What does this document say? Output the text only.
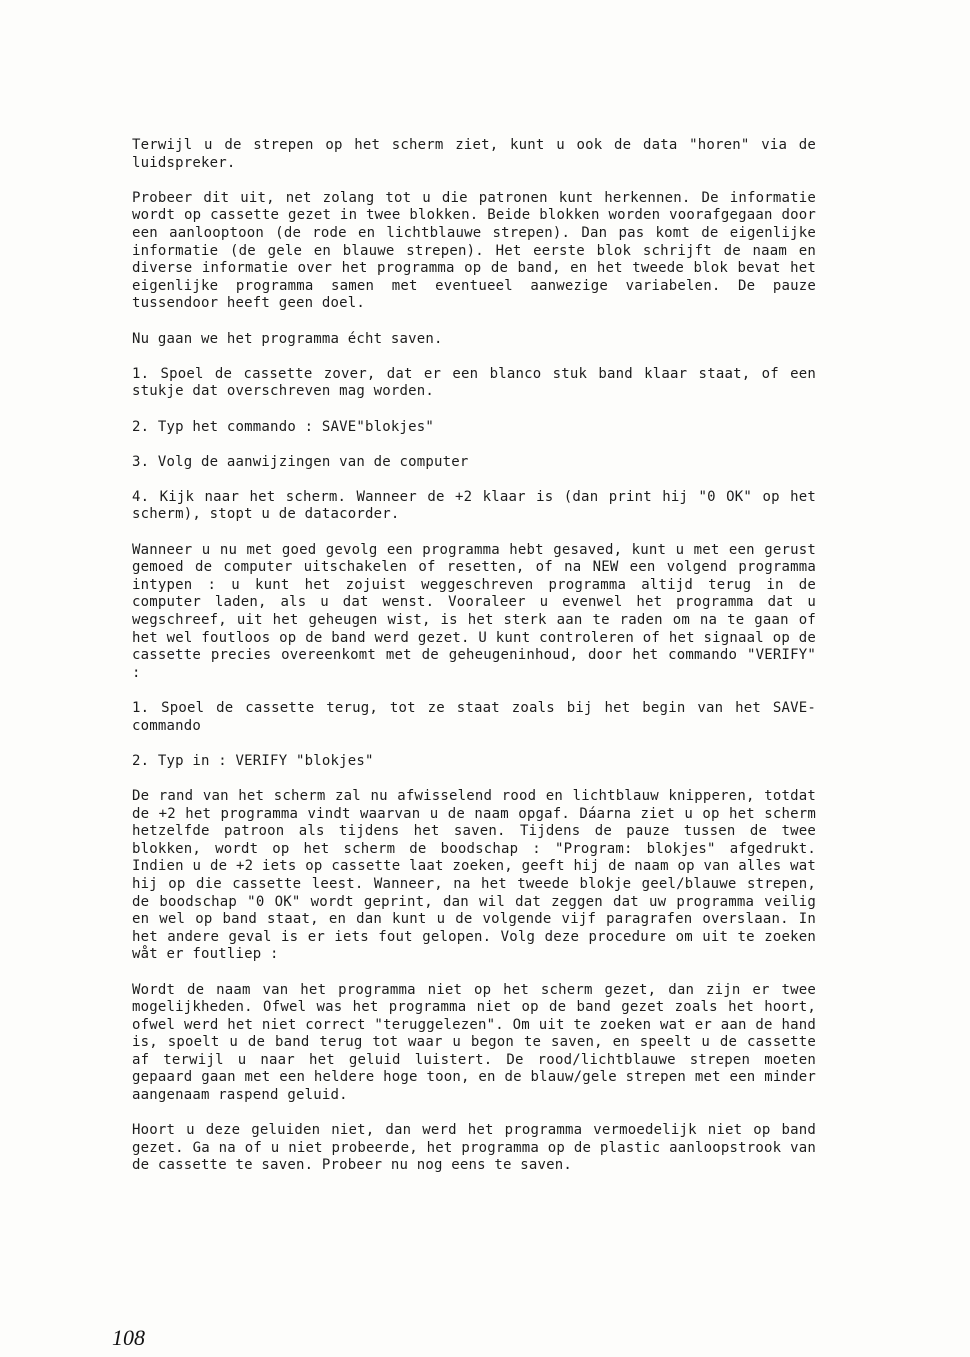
Terwijl u de strepen op het scherm ziet, kunt u ook de data "horen" via de luidspreker.

Probeer dit uit, net zolang tot u die patronen kunt herkennen. De informatie wordt op cassette gezet in twee blokken. Beide blokken worden voorafgegaan door een aanlooptoon (de rode en lichtblauwe strepen). Dan pas komt de eigenlijke informatie (de gele en blauwe strepen). Het eerste blok schrijft de naam en diverse informatie over het programma op de band, en het tweede blok bevat het eigenlijke programma samen met eventueel aanwezige variabelen. De pauze tussendoor heeft geen doel.

Nu gaan we het programma écht saven.

1. Spoel de cassette zover, dat er een blanco stuk band klaar staat, of een stukje dat overschreven mag worden.

2. Typ het commando : SAVE"blokjes"

3. Volg de aanwijzingen van de computer

4. Kijk naar het scherm. Wanneer de +2 klaar is (dan print hij "0 OK" op het scherm), stopt u de datacorder.

Wanneer u nu met goed gevolg een programma hebt gesaved, kunt u met een gerust gemoed de computer uitschakelen of resetten, of na NEW een volgend programma intypen : u kunt het zojuist weggeschreven programma altijd terug in de computer laden, als u dat wenst. Vooraleer u evenwel het programma dat u wegschreef, uit het geheugen wist, is het sterk aan te raden om na te gaan of het wel foutloos op de band werd gezet. U kunt controleren of het signaal op de cassette precies overeenkomt met de geheugeninhoud, door het commando "VERIFY" :

1. Spoel de cassette terug, tot ze staat zoals bij het begin van het SAVE-commando

2. Typ in : VERIFY "blokjes"

De rand van het scherm zal nu afwisselend rood en lichtblauw knipperen, totdat de +2 het programma vindt waarvan u de naam opgaf. Dáarna ziet u op het scherm hetzelfde patroon als tijdens het saven. Tijdens de pauze tussen de twee blokken, wordt op het scherm de boodschap : "Program: blokjes" afgedrukt. Indien u de +2 iets op cassette laat zoeken, geeft hij de naam op van alles wat hij op die cassette leest. Wanneer, na het tweede blokje geel/blauwe strepen, de boodschap "0 OK" wordt geprint, dan wil dat zeggen dat uw programma veilig en wel op band staat, en dan kunt u de volgende vijf paragrafen overslaan. In het andere geval is er iets fout gelopen. Volg deze procedure om uit te zoeken wåt er foutliep :

Wordt de naam van het programma niet op het scherm gezet, dan zijn er twee mogelijkheden. Ofwel was het programma niet op de band gezet zoals het hoort, ofwel werd het niet correct "teruggelezen". Om uit te zoeken wat er aan de hand is, spoelt u de band terug tot waar u begon te saven, en speelt u de cassette af terwijl u naar het geluid luistert. De rood/lichtblauwe strepen moeten gepaard gaan met een heldere hoge toon, en de blauw/gele strepen met een minder aangenaam raspend geluid.

Hoort u deze geluiden niet, dan werd het programma vermoedelijk niet op band gezet. Ga na of u niet probeerde, het programma op de plastic aanloopstrook van de cassette te saven. Probeer nu nog eens te saven.

108
